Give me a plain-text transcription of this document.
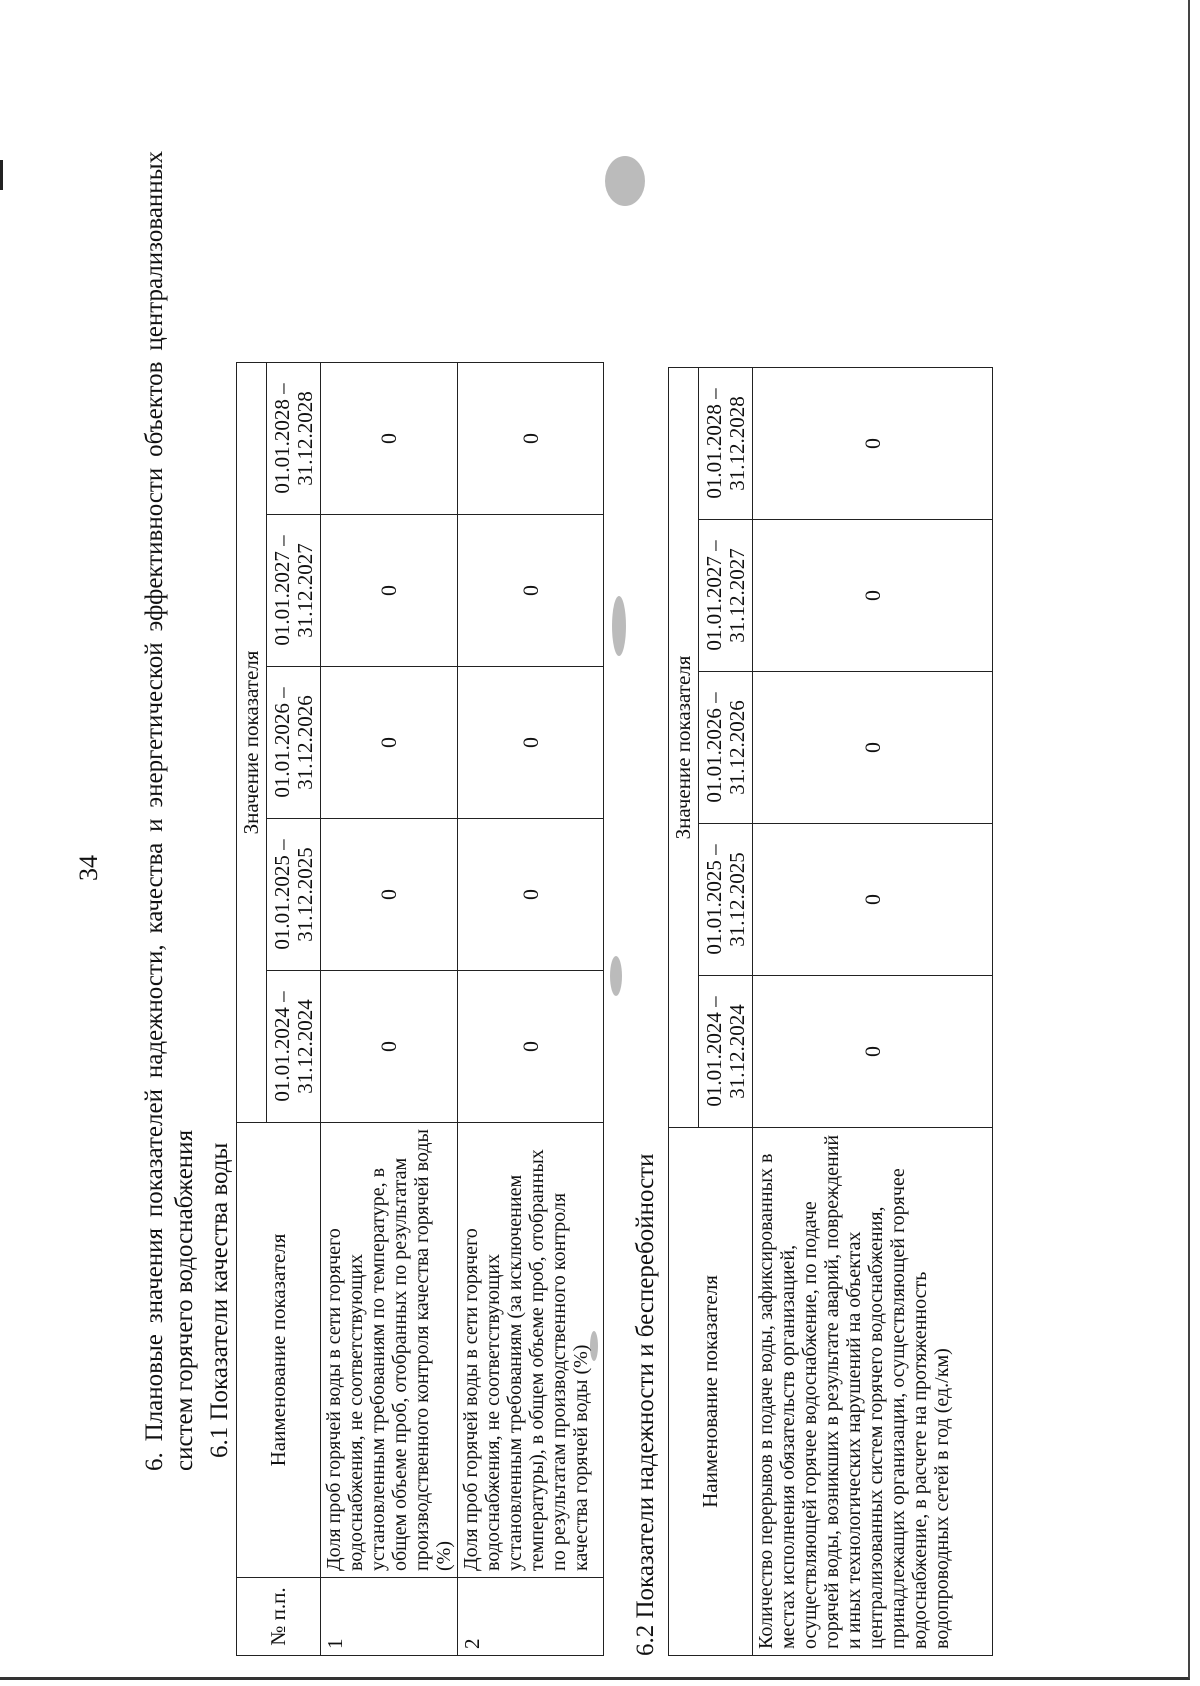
34 6. Плановые значения показателей надежности, качества и энергетической эффективности объектов централизованных систем горячего водоснабжения 6.1 Показатели качества воды
№ п.п.	Наименование показателя	Значение показателя				
		01.01.2024 – 31.12.2024	01.01.2025 – 31.12.2025	01.01.2026 – 31.12.2026	01.01.2027 – 31.12.2027	01.01.2028 – 31.12.2028
1	Доля проб горячей воды в сети горячего водоснабжения, не соответствующих установленным требованиям по температуре, в общем объеме проб, отобранных по результатам производственного контроля качества горячей воды (%)	0	0	0	0	0
2	Доля проб горячей воды в сети горячего водоснабжения, не соответствующих установленным требованиям (за исключением температуры), в общем объеме проб, отобранных по результатам производственного контроля качества горячей воды (%)	0	0	0	0	0
6.2 Показатели надежности и бесперебойности Наименование показателя	Значение показателя				
	01.01.2024 – 31.12.2024	01.01.2025 – 31.12.2025	01.01.2026 – 31.12.2026	01.01.2027 – 31.12.2027	01.01.2028 – 31.12.2028
Количество перерывов в подаче воды, зафиксированных в местах исполнения обязательств организацией, осуществляющей горячее водоснабжение, по подаче горячей воды, возникших в результате аварий, повреждений и иных технологических нарушений на объектах централизованных систем горячего водоснабжения, принадлежащих организации, осуществляющей горячее водоснабжение, в расчете на протяженность водопроводных сетей в год (ед./км)	0	0	0	0	0
